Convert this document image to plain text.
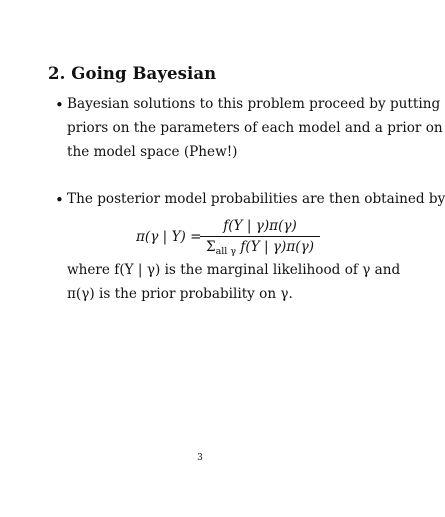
2. Going Bayesian
• Bayesian solutions to this problem proceed by putting
priors on the parameters of each model and a prior on
the model space (Phew!)
• The posterior model probabilities are then obtained by
π(γ | Y) =
f(Y | γ)π(γ)
$\Sigma_{all \gamma}$ f(Y | γ)π(γ)
where f(Y | γ) is the marginal likelihood of γ and
π(γ) is the prior probability on γ.
3
